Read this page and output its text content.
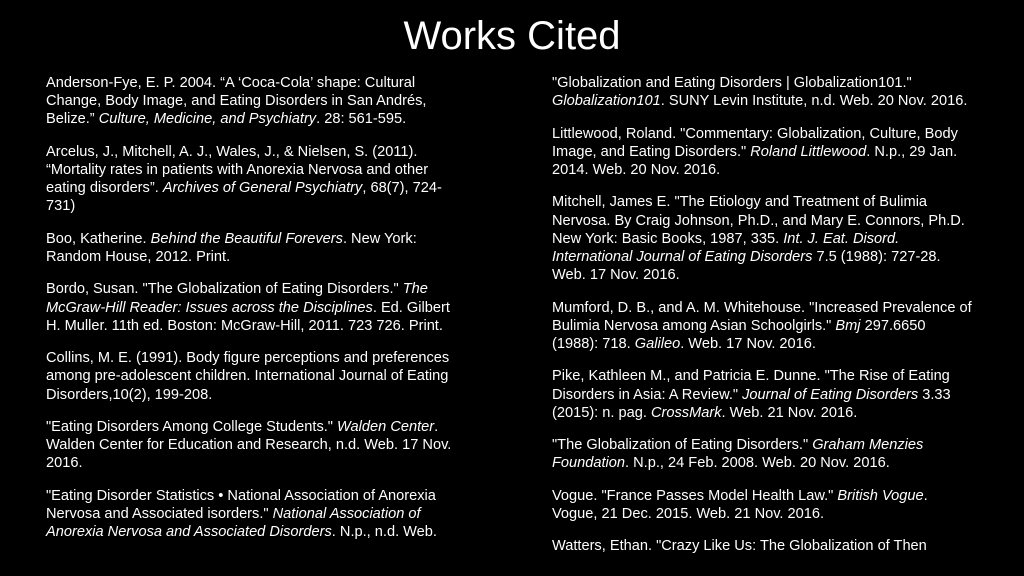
Works Cited

Anderson-Fye, E. P. 2004. “A ‘Coca-Cola’ shape: Cultural Change, Body Image, and Eating Disorders in San Andrés, Belize.” Culture, Medicine, and Psychiatry. 28: 561-595.

Arcelus, J., Mitchell, A. J., Wales, J., & Nielsen, S. (2011). “Mortality rates in patients with Anorexia Nervosa and other eating disorders”. Archives of General Psychiatry, 68(7), 724-731)

Boo, Katherine. Behind the Beautiful Forevers. New York: Random House, 2012. Print.

Bordo, Susan. "The Globalization of Eating Disorders." The McGraw-Hill Reader: Issues across the Disciplines. Ed. Gilbert H. Muller. 11th ed. Boston: McGraw-Hill, 2011. 723 726. Print.

Collins, M. E. (1991). Body figure perceptions and preferences among pre-adolescent children. International Journal of Eating Disorders,10(2), 199-208.

"Eating Disorders Among College Students." Walden Center. Walden Center for Education and Research, n.d. Web. 17 Nov. 2016.

"Eating Disorder Statistics • National Association of Anorexia Nervosa and Associated isorders." National Association of Anorexia Nervosa and Associated Disorders. N.p., n.d. Web.

"Globalization and Eating Disorders | Globalization101." Globalization101. SUNY Levin Institute, n.d. Web. 20 Nov. 2016.

Littlewood, Roland. "Commentary: Globalization, Culture, Body Image, and Eating Disorders." Roland Littlewood. N.p., 29 Jan. 2014. Web. 20 Nov. 2016.

Mitchell, James E. "The Etiology and Treatment of Bulimia Nervosa. By Craig Johnson, Ph.D., and Mary E. Connors, Ph.D. New York: Basic Books, 1987, 335. Int. J. Eat. Disord. International Journal of Eating Disorders 7.5 (1988): 727-28. Web. 17 Nov. 2016.

Mumford, D. B., and A. M. Whitehouse. "Increased Prevalence of Bulimia Nervosa among Asian Schoolgirls." Bmj 297.6650 (1988): 718. Galileo. Web. 17 Nov. 2016.

Pike, Kathleen M., and Patricia E. Dunne. "The Rise of Eating Disorders in Asia: A Review." Journal of Eating Disorders 3.33 (2015): n. pag. CrossMark. Web. 21 Nov. 2016.

"The Globalization of Eating Disorders." Graham Menzies Foundation. N.p., 24 Feb. 2008. Web. 20 Nov. 2016.

Vogue. "France Passes Model Health Law." British Vogue. Vogue, 21 Dec. 2015. Web. 21 Nov. 2016.

Watters, Ethan. "Crazy Like Us: The Globalization of Then
